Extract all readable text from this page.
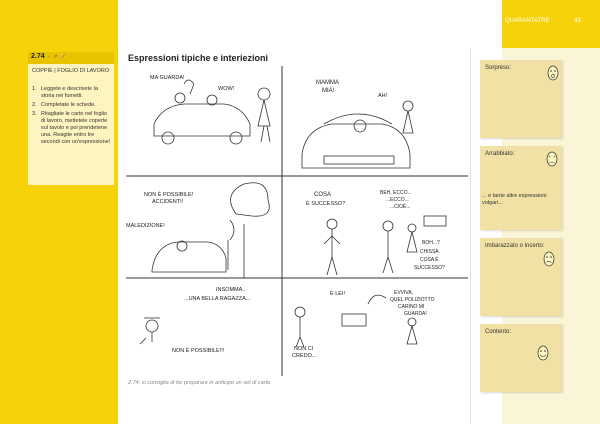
QUARANTATRE	43
2.74 ◦ ↗ ✍
COPPIE | FOGLIO DI LAVORO
1. Leggete e descrivete la storia nei fumetti.
2. Completate le schede.
3. Ritagliate le carte nel foglio di lavoro, mettetele coperte sul tavolo e poi prendetene una. Reagite entro tre secondi con un'espressione!
Espressioni tipiche e interiezioni
MA GUARDA!
WOW!
MAMMA
MIA!
AH!
NON È POSSIBILE!
ACCIDENTI!
MALEDIZIONE!
COSA
È SUCCESSO?
BEH, ECCO...
...ECCO...
...CIOÈ...
BOH...?
CHISSÀ
COSA È
SUCCESSO?
INSOMMA...
...UNA BELLA RAGAZZA...
NON È POSSIBILE!!!
È LEI!	EVVIVA,
QUEL POLIZIOTTO
CARINO MI
GUARDA!
NON CI
CREDO...
2.74: si consiglia di far preparare in anticipo un set di carte.
Sorpreso:
Arrabbiato:
... e tante altre espressioni volgari...
Imbarazzato o incerto:
Contento:
